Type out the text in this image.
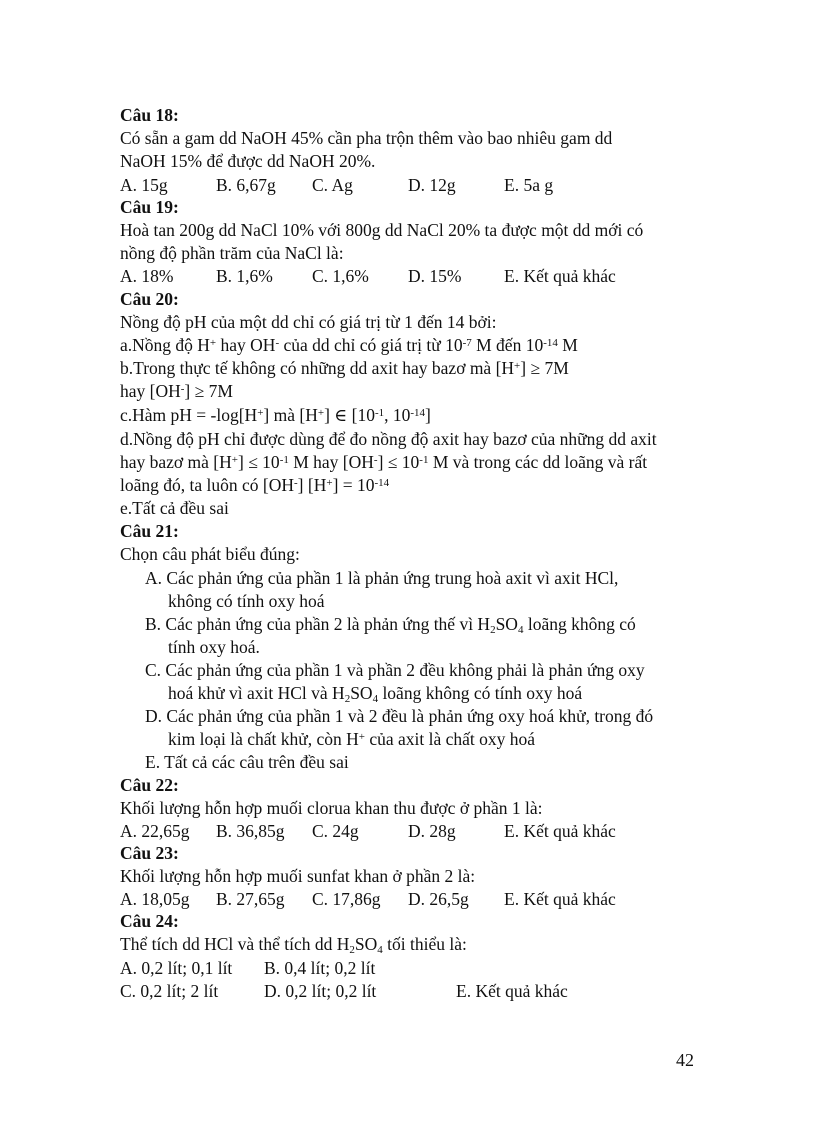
Câu 18:
Có sẵn a gam dd NaOH 45% cần pha trộn thêm vào bao nhiêu gam dd
NaOH 15% để được dd NaOH 20%.
A. 15g	B. 6,67g C. Ag	D. 12g	E. 5a g
Câu 19:
Hoà tan 200g dd NaCl 10% với 800g dd NaCl 20% ta được một dd mới có
nồng độ phần trăm của NaCl là:
A. 18% B. 1,6% C. 1,6% D. 15% E. Kết quả khác
Câu 20:
Nồng độ pH của một dd chỉ có giá trị từ 1 đến 14 bởi:
a.Nồng độ H+ hay OH- của dd chỉ có giá trị từ $10^{-7}$ M đến $10^{-14}$ M
b.Trong thực tế không có những dd axit hay bazơ mà [H+] ≥ 7M
hay [OH-] ≥ 7M
c.Hàm pH = -log[H+] mà [H+] ∈ [$10^{-1}$, $10^{-14}$]
d.Nồng độ pH chỉ được dùng để đo nồng độ axit hay bazơ của những dd axit
hay bazơ mà $[H^+] \le 10^{-1}$ M hay $[OH^-] \le 10^{-1}$ M và trong các dd loãng và rất
loãng đó, ta luôn có [OH-] $[H^+] = 10^{-14}$
e.Tất cả đều sai
Câu 21:
Chọn câu phát biểu đúng:
A. Các phản ứng của phần 1 là phản ứng trung hoà axit vì axit HCl,
không có tính oxy hoá
B. Các phản ứng của phần 2 là phản ứng thế vì $H_2SO_4$ loãng không có
tính oxy hoá.
C. Các phản ứng của phần 1 và phần 2 đều không phải là phản ứng oxy
hoá khử vì axit HCl và $H_2SO_4$ loãng không có tính oxy hoá
D. Các phản ứng của phần 1 và 2 đều là phản ứng oxy hoá khử, trong đó
kim loại là chất khử, còn H+ của axit là chất oxy hoá
E. Tất cả các câu trên đều sai
Câu 22:
Khối lượng hỗn hợp muối clorua khan thu được ở phần 1 là:
A. 22,65g B. 36,85g C. 24g	D. 28g	E. Kết quả khác
Câu 23:
Khối lượng hỗn hợp muối sunfat khan ở phần 2 là:
A. 18,05g B. 27,65g C. 17,86g D. 26,5g E. Kết quả khác
Câu 24:
Thể tích dd HCl và thể tích dd $H_2SO_4$ tối thiểu là:
A. 0,2 lít; 0,1 lít B. 0,4 lít; 0,2 lít
C. 0,2 lít; 2 lít	D. 0,2 lít; 0,2 lít	E. Kết quả khác
42
